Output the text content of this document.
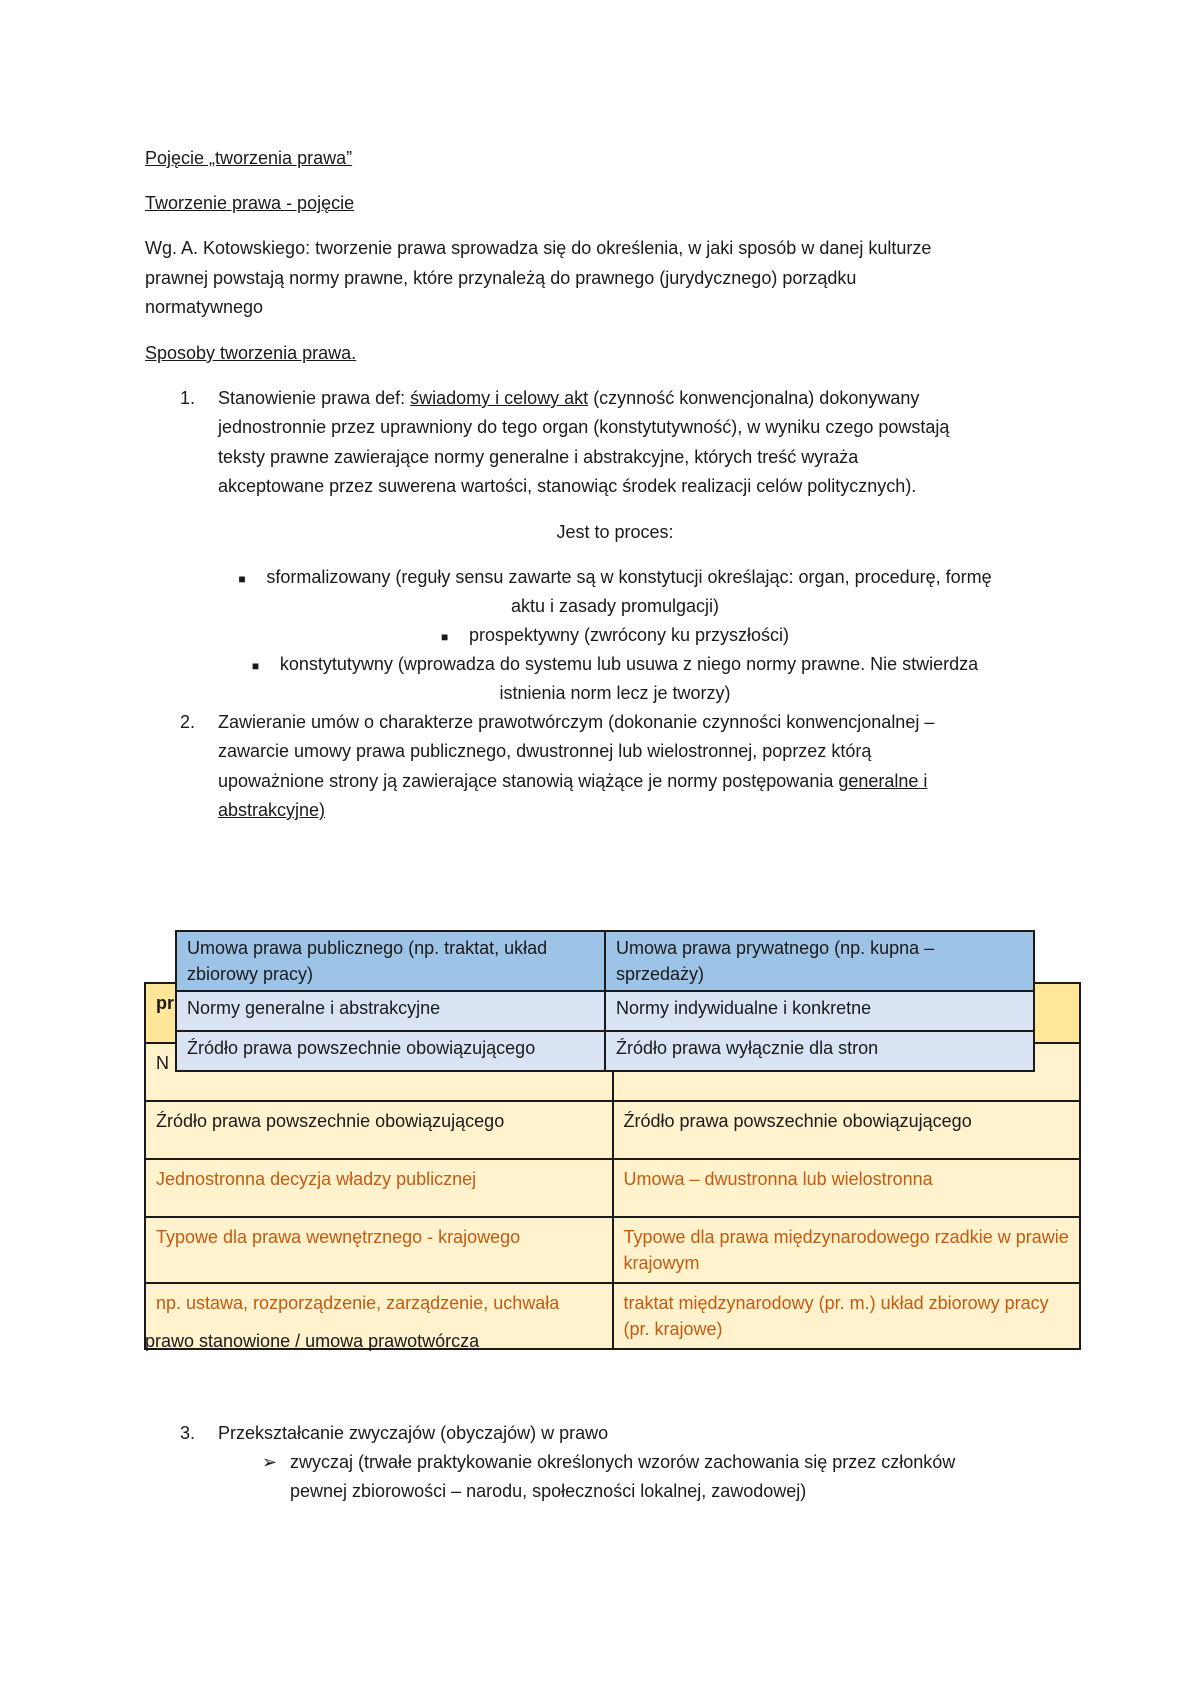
Pojęcie „tworzenia prawa”
Tworzenie prawa - pojęcie
Wg. A. Kotowskiego: tworzenie prawa sprowadza się do określenia, w jaki sposób w danej kulturze
prawnej powstają normy prawne, które przynależą do prawnego (jurydycznego) porządku
normatywnego
Sposoby tworzenia prawa.
1. Stanowienie prawa def: świadomy i celowy akt (czynność konwencjonalna) dokonywany
jednostronnie przez uprawniony do tego organ (konstytutywność), w wyniku czego powstają
teksty prawne zawierające normy generalne i abstrakcyjne, których treść wyraża
akceptowane przez suwerena wartości, stanowiąc środek realizacji celów politycznych).
Jest to proces:
■ sformalizowany (reguły sensu zawarte są w konstytucji określając: organ, procedurę, formę
aktu i zasady promulgacji)
■ prospektywny (zwrócony ku przyszłości)
■ konstytutywny (wprowadza do systemu lub usuwa z niego normy prawne. Nie stwierdza
istnienia norm lecz je tworzy)
2. Zawieranie umów o charakterze prawotwórczym (dokonanie czynności konwencjonalnej –
zawarcie umowy prawa publicznego, dwustronnej lub wielostronnej, poprzez którą
upoważnione strony ją zawierające stanowią wiążące je normy postępowania generalne i
abstrakcyjne)
pr	
N	
Źródło prawa powszechnie obowiązującego	Źródło prawa powszechnie obowiązującego
Jednostronna decyzja władzy publicznej	Umowa – dwustronna lub wielostronna
Typowe dla prawa wewnętrznego - krajowego	Typowe dla prawa międzynarodowego rzadkie w prawie krajowym
np. ustawa, rozporządzenie, zarządzenie, uchwała	traktat międzynarodowy (pr. m.) układ zbiorowy pracy (pr. krajowe)
Umowa prawa publicznego (np. traktat, układ zbiorowy pracy)	Umowa prawa prywatnego (np. kupna – sprzedaży)
Normy generalne i abstrakcyjne	Normy indywidualne i konkretne
Źródło prawa powszechnie obowiązującego	Źródło prawa wyłącznie dla stron
prawo stanowione / umowa prawotwórcza
3. Przekształcanie zwyczajów (obyczajów) w prawo
➢ zwyczaj (trwałe praktykowanie określonych wzorów zachowania się przez członków
pewnej zbiorowości – narodu, społeczności lokalnej, zawodowej)
